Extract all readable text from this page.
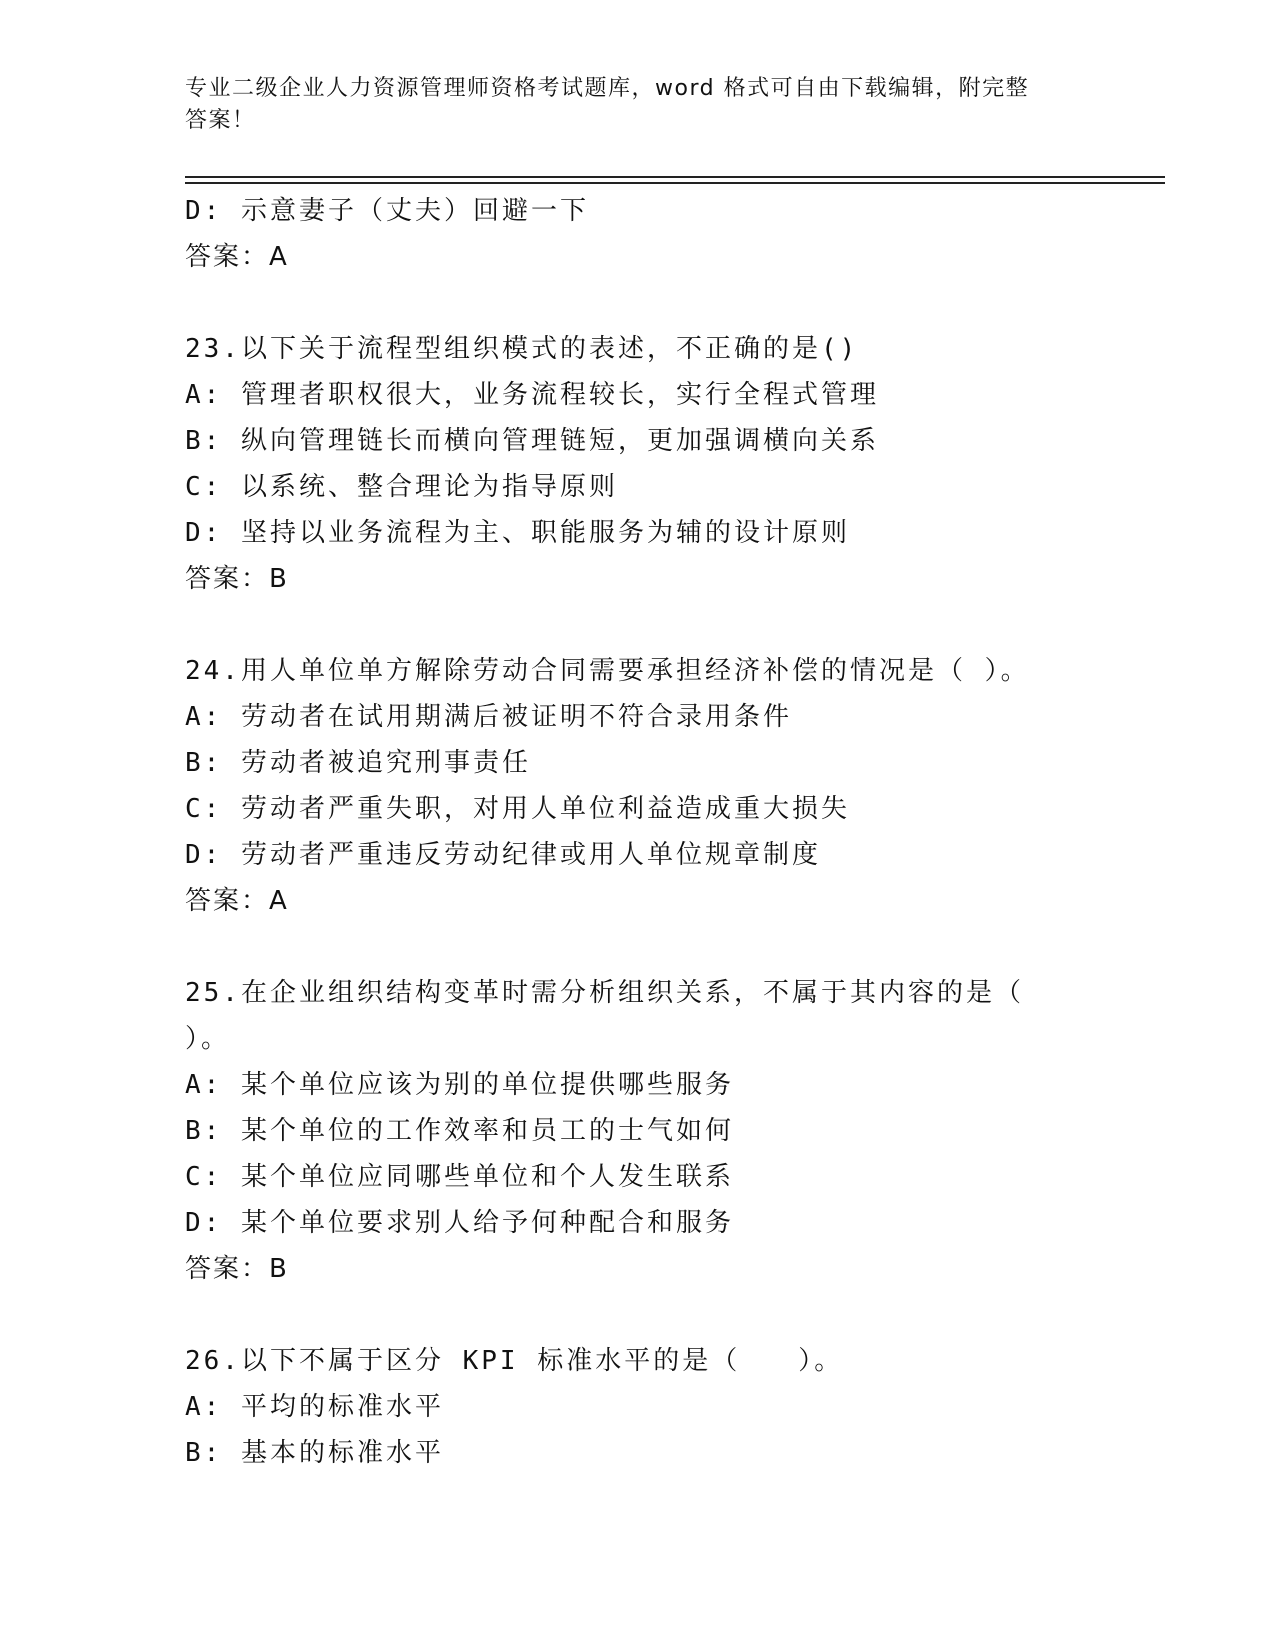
专业二级企业人力资源管理师资格考试题库，word 格式可自由下载编辑，附完整
答案！
D: 示意妻子（丈夫）回避一下
答案：A
23.以下关于流程型组织模式的表述，不正确的是()
A: 管理者职权很大，业务流程较长，实行全程式管理
B: 纵向管理链长而横向管理链短，更加强调横向关系
C: 以系统、整合理论为指导原则
D: 坚持以业务流程为主、职能服务为辅的设计原则
答案：B
24.用人单位单方解除劳动合同需要承担经济补偿的情况是（ ）。
A: 劳动者在试用期满后被证明不符合录用条件
B: 劳动者被追究刑事责任
C: 劳动者严重失职，对用人单位利益造成重大损失
D: 劳动者严重违反劳动纪律或用人单位规章制度
答案：A
25.在企业组织结构变革时需分析组织关系，不属于其内容的是（
）。
A: 某个单位应该为别的单位提供哪些服务
B: 某个单位的工作效率和员工的士气如何
C: 某个单位应同哪些单位和个人发生联系
D: 某个单位要求别人给予何种配合和服务
答案：B
26.以下不属于区分 KPI 标准水平的是（　　）。
A: 平均的标准水平
B: 基本的标准水平
